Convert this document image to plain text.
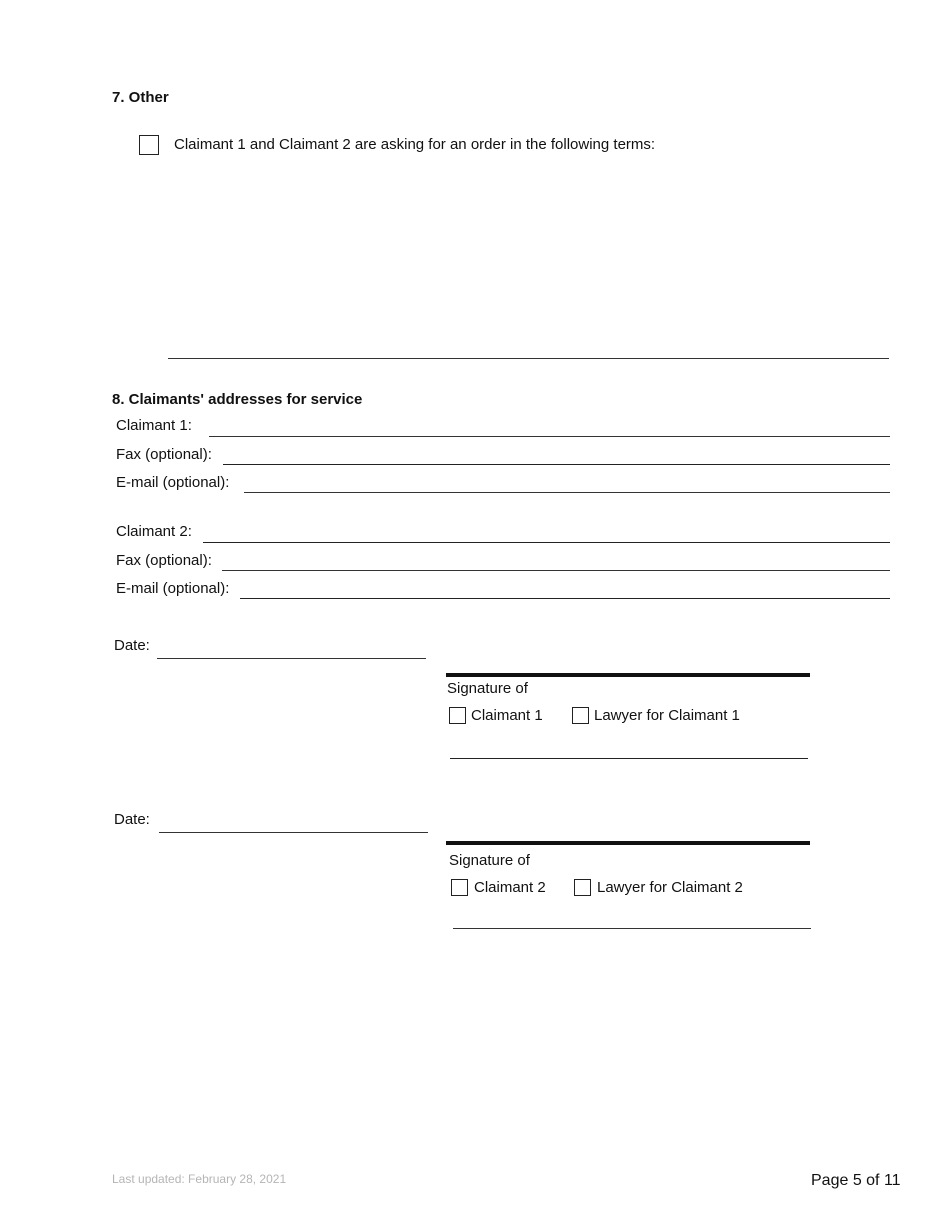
7. Other
Claimant 1 and Claimant 2 are asking for an order in the following terms:
8. Claimants' addresses for service
Claimant 1:
Fax (optional):
E-mail (optional):
Claimant 2:
Fax (optional):
E-mail (optional):
Date:
Signature of
Claimant 1	Lawyer for Claimant 1
Date:
Signature of
Claimant 2	Lawyer for Claimant 2
Last updated: February 28, 2021	Page 5 of 11
